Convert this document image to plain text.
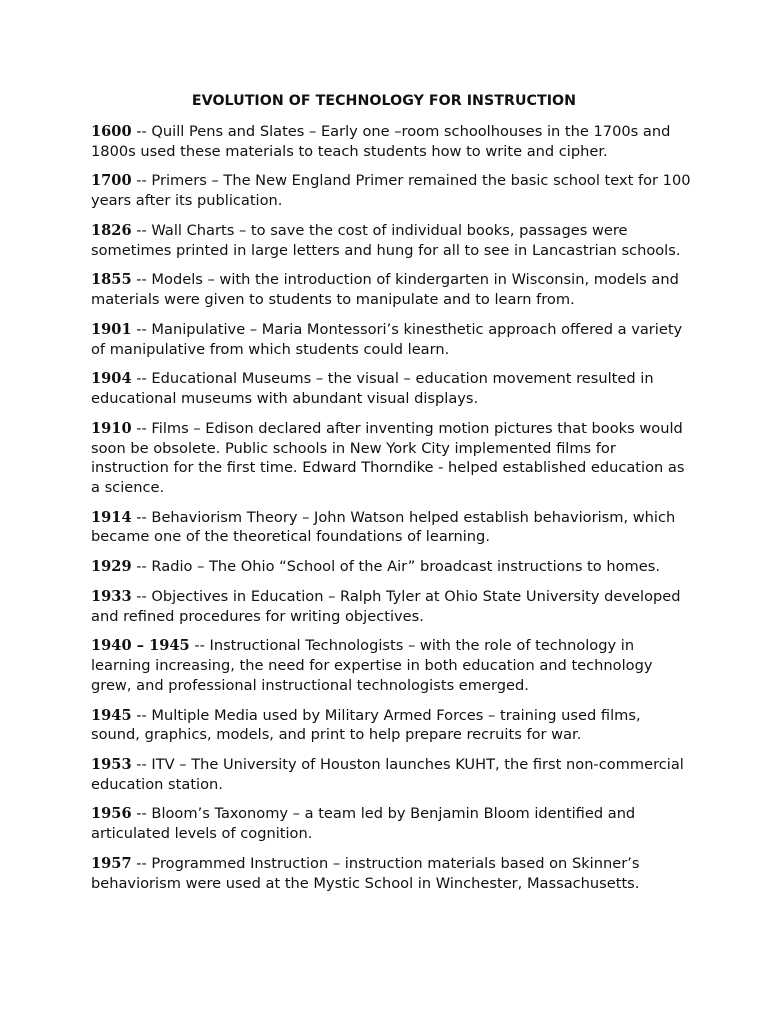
EVOLUTION OF TECHNOLOGY FOR INSTRUCTION

1600 -- Quill Pens and Slates – Early one –room schoolhouses in the 1700s and 1800s used these materials to teach students how to write and cipher.

1700 -- Primers – The New England Primer remained the basic school text for 100 years after its publication.

1826 -- Wall Charts – to save the cost of individual books, passages were sometimes printed in large letters and hung for all to see in Lancastrian schools.

1855 -- Models – with the introduction of kindergarten in Wisconsin, models and materials were given to students to manipulate and to learn from.

1901 -- Manipulative – Maria Montessori’s kinesthetic approach offered a variety of manipulative from which students could learn.

1904 -- Educational Museums – the visual – education movement resulted in educational museums with abundant visual displays.

1910 -- Films – Edison declared after inventing motion pictures that books would soon be obsolete. Public schools in New York City implemented films for instruction for the first time. Edward Thorndike - helped established education as a science.

1914 -- Behaviorism Theory – John Watson helped establish behaviorism, which became one of the theoretical foundations of learning.

1929 -- Radio – The Ohio “School of the Air” broadcast instructions to homes.

1933 -- Objectives in Education – Ralph Tyler at Ohio State University developed and refined procedures for writing objectives.

1940 – 1945 -- Instructional Technologists – with the role of technology in learning increasing, the need for expertise in both education and technology grew, and professional instructional technologists emerged.

1945 -- Multiple Media used by Military Armed Forces – training used films, sound, graphics, models, and print to help prepare recruits for war.

1953 -- ITV – The University of Houston launches KUHT, the first non-commercial education station.

1956 -- Bloom’s Taxonomy – a team led by Benjamin Bloom identified and articulated levels of cognition.

1957 -- Programmed Instruction – instruction materials based on Skinner’s behaviorism were used at the Mystic School in Winchester, Massachusetts.
